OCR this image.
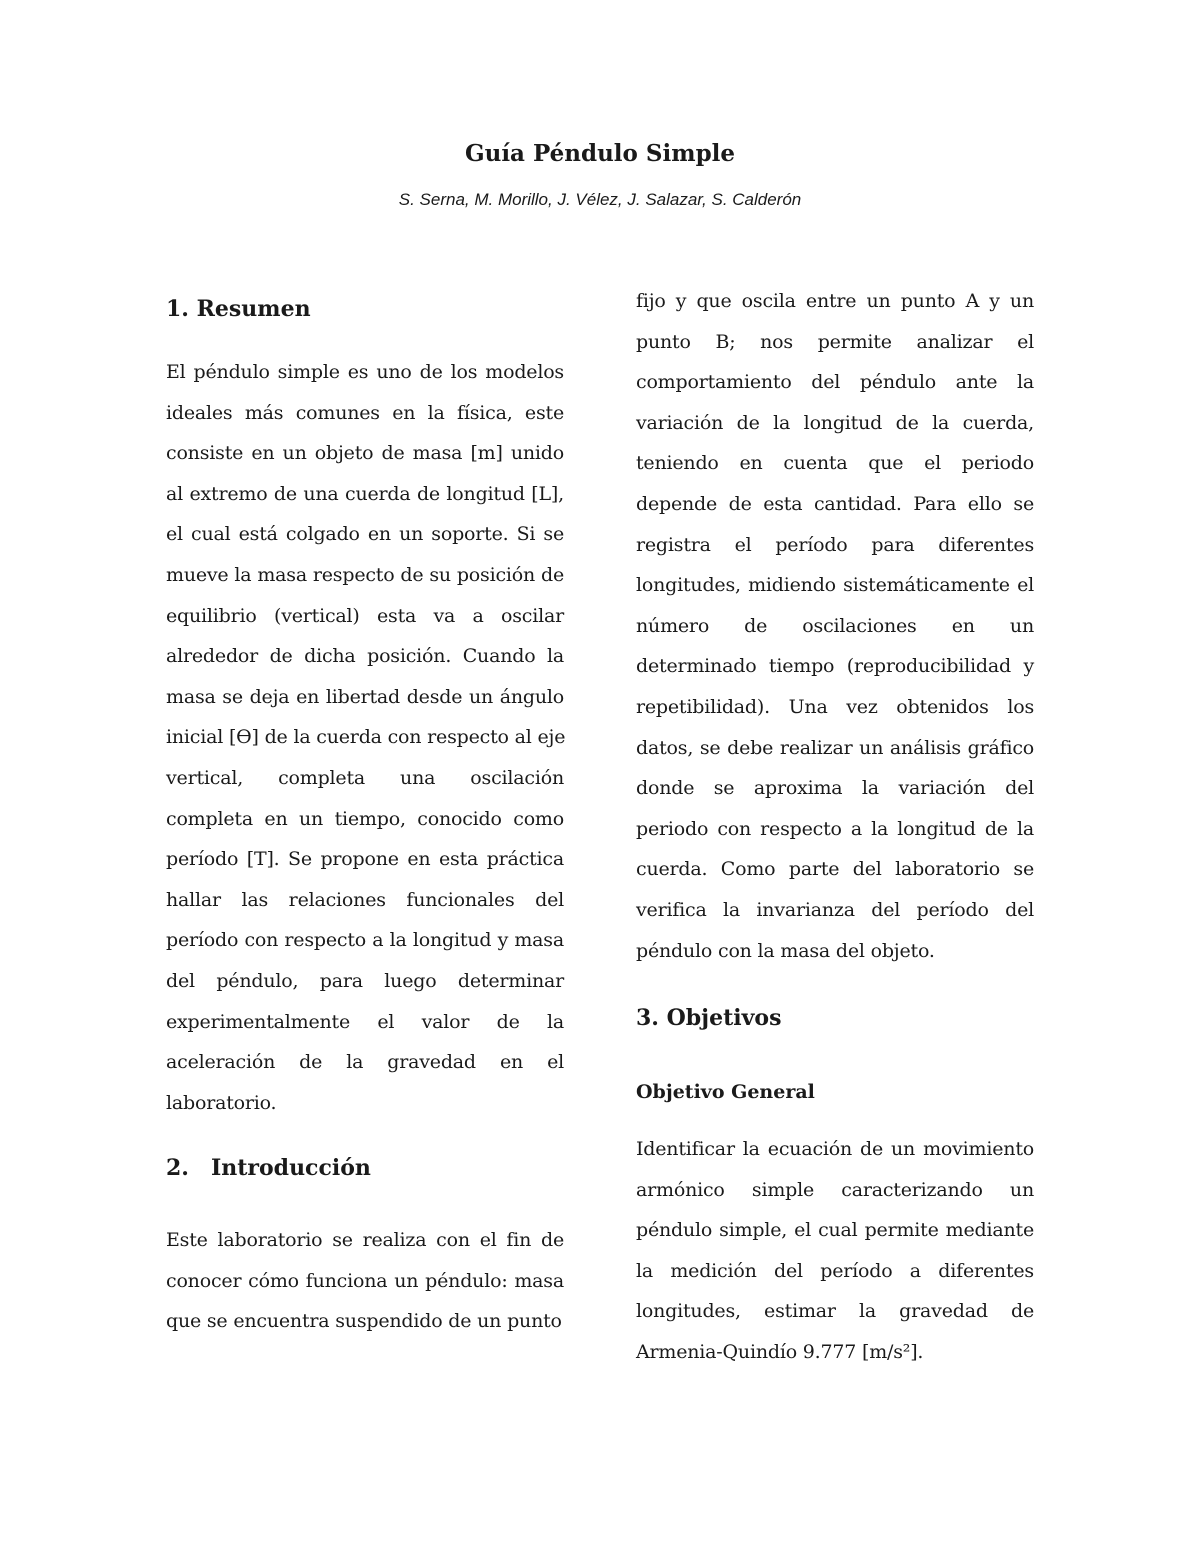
Guía Péndulo Simple
S. Serna, M. Morillo, J. Vélez, J. Salazar, S. Calderón
1. Resumen
El péndulo simple es uno de los modelos
ideales más comunes en la física, este
consiste en un objeto de masa [m] unido
al extremo de una cuerda de longitud [L],
el cual está colgado en un soporte. Si se
mueve la masa respecto de su posición de
equilibrio (vertical) esta va a oscilar
alrededor de dicha posición. Cuando la
masa se deja en libertad desde un ángulo
inicial [ϴ] de la cuerda con respecto al eje
vertical, completa una oscilación
completa en un tiempo, conocido como
período [T]. Se propone en esta práctica
hallar las relaciones funcionales del
período con respecto a la longitud y masa
del péndulo, para luego determinar
experimentalmente el valor de la
aceleración de la gravedad en el
laboratorio.
2. Introducción
Este laboratorio se realiza con el fin de
conocer cómo funciona un péndulo: masa
que se encuentra suspendido de un punto
fijo y que oscila entre un punto A y un
punto B; nos permite analizar el
comportamiento del péndulo ante la
variación de la longitud de la cuerda,
teniendo en cuenta que el periodo
depende de esta cantidad. Para ello se
registra el período para diferentes
longitudes, midiendo sistemáticamente el
número de oscilaciones en un
determinado tiempo (reproducibilidad y
repetibilidad). Una vez obtenidos los
datos, se debe realizar un análisis gráfico
donde se aproxima la variación del
periodo con respecto a la longitud de la
cuerda. Como parte del laboratorio se
verifica la invarianza del período del
péndulo con la masa del objeto.
3. Objetivos
Objetivo General
Identificar la ecuación de un movimiento
armónico simple caracterizando un
péndulo simple, el cual permite mediante
la medición del período a diferentes
longitudes, estimar la gravedad de
Armenia-Quindío 9.777 [m/s²].
